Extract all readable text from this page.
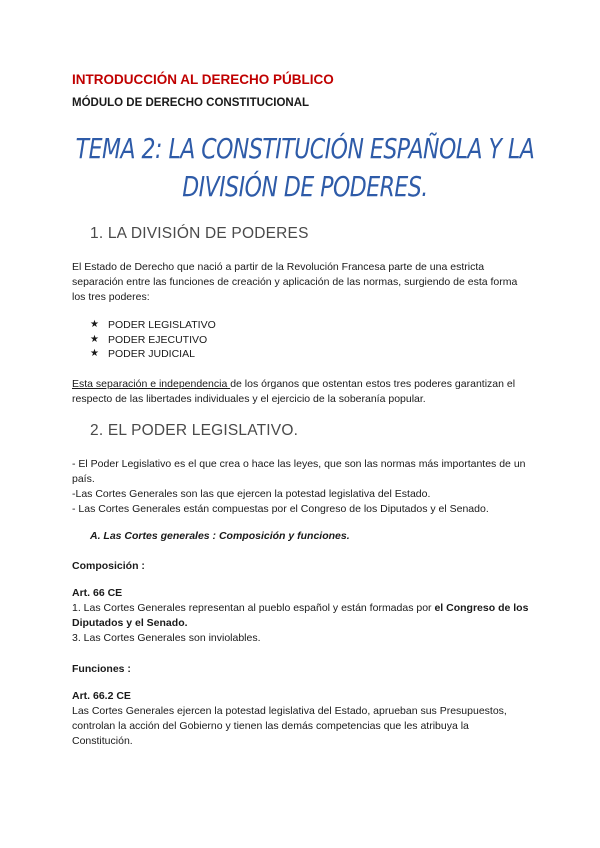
INTRODUCCIÓN AL DERECHO PÚBLICO
MÓDULO DE DERECHO CONSTITUCIONAL
TEMA 2: LA CONSTITUCIÓN ESPAÑOLA Y LA
DIVISIÓN DE PODERES.
1. LA DIVISIÓN DE PODERES
El Estado de Derecho que nació a partir de la Revolución Francesa parte de una estricta separación entre las funciones de creación y aplicación de las normas, surgiendo de esta forma los tres poderes:
★ PODER LEGISLATIVO
★ PODER EJECUTIVO
★ PODER JUDICIAL
Esta separación e independencia de los órganos que ostentan estos tres poderes garantizan el respecto de las libertades individuales y el ejercicio de la soberanía popular.
2. EL PODER LEGISLATIVO.
- El Poder Legislativo es el que crea o hace las leyes, que son las normas más importantes de un país.
-Las Cortes Generales son las que ejercen la potestad legislativa del Estado.
- Las Cortes Generales están compuestas por el Congreso de los Diputados y el Senado.
A. Las Cortes generales : Composición y funciones.
Composición :
Art. 66 CE
1. Las Cortes Generales representan al pueblo español y están formadas por el Congreso de los Diputados y el Senado.
3. Las Cortes Generales son inviolables.
Funciones :
Art. 66.2 CE
Las Cortes Generales ejercen la potestad legislativa del Estado, aprueban sus Presupuestos, controlan la acción del Gobierno y tienen las demás competencias que les atribuya la Constitución.
